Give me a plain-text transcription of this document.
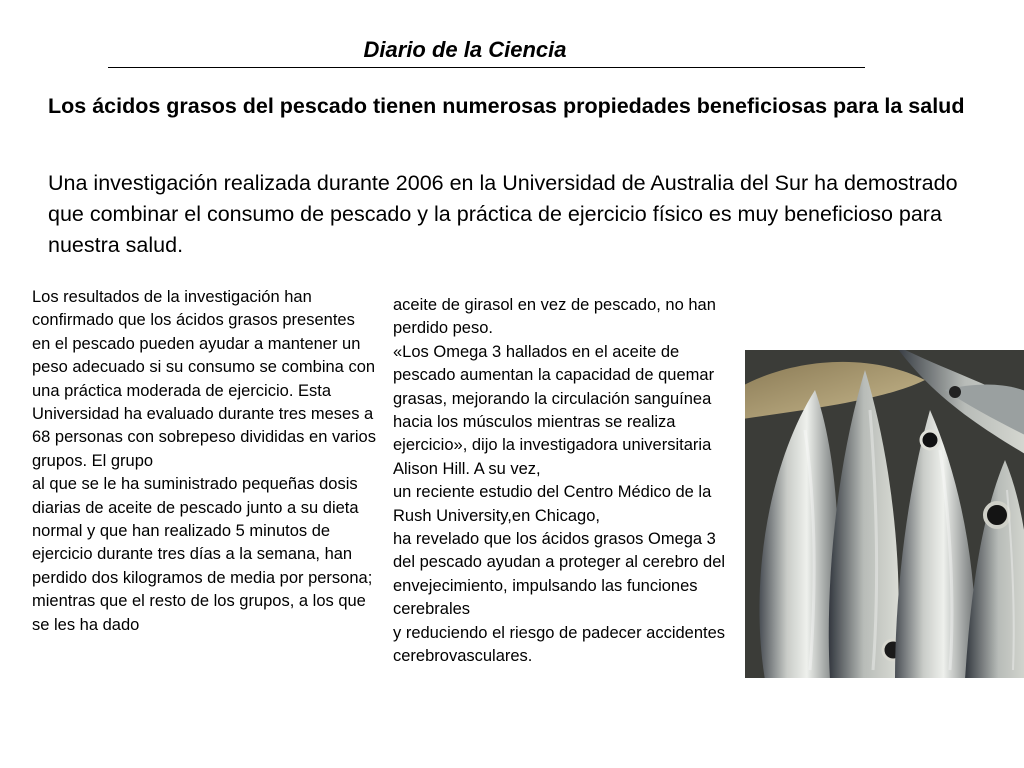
Diario de la Ciencia
Los ácidos grasos del pescado tienen numerosas propiedades beneficiosas para la salud
Una investigación realizada durante 2006 en la Universidad de Australia del Sur ha demostrado que combinar el consumo de pescado y la práctica de ejercicio físico es muy beneficioso para nuestra salud.

Los resultados de la investigación han confirmado que los ácidos grasos presentes en el pescado pueden ayudar a mantener un peso adecuado si su consumo se combina con una práctica moderada de ejercicio. Esta Universidad ha evaluado durante tres meses a 68 personas con sobrepeso divididas en varios grupos. El grupo

al que se le ha suministrado pequeñas dosis diarias de aceite de pescado junto a su dieta normal y que han realizado 5 minutos de ejercicio durante tres días a la semana, han perdido dos kilogramos de media por persona; mientras que el resto de los grupos, a los que se les ha dado

aceite de girasol en vez de pescado, no han perdido peso.

«Los Omega 3 hallados en el aceite de pescado aumentan la capacidad de quemar grasas, mejorando la circulación sanguínea hacia los músculos mientras se realiza ejercicio», dijo la investigadora universitaria Alison Hill. A su vez,

un reciente estudio del Centro Médico de la Rush University,en Chicago,

ha revelado que los ácidos grasos Omega 3 del pescado ayudan a proteger al cerebro del envejecimiento, impulsando las funciones cerebrales

y reduciendo el riesgo de padecer accidentes cerebrovasculares.
